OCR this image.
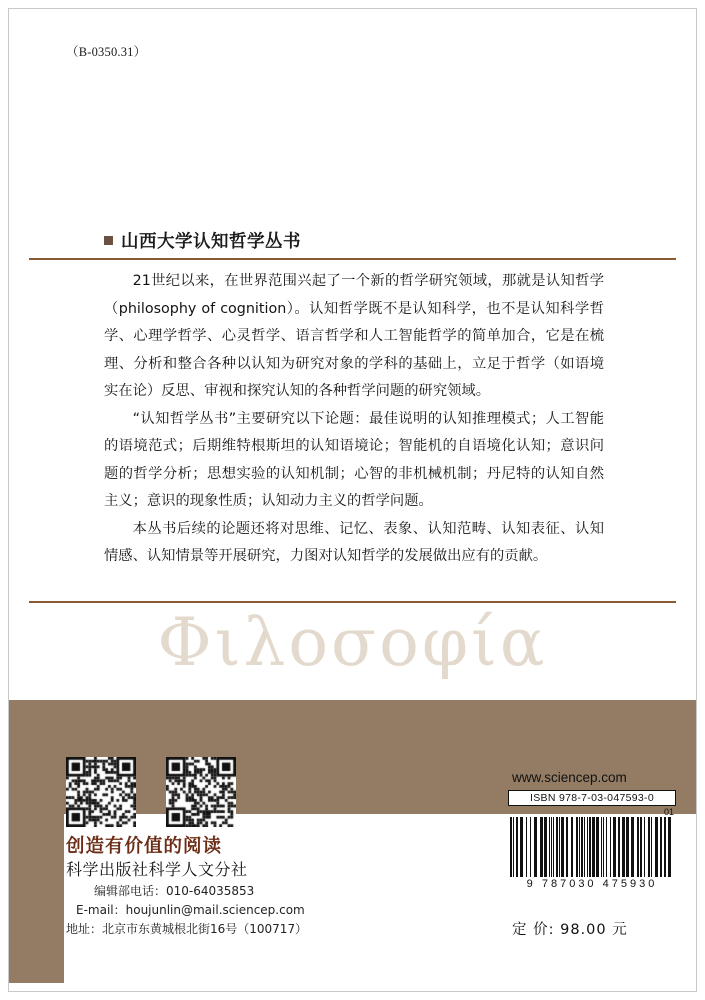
（B-0350.31）
山西大学认知哲学丛书

21世纪以来，在世界范围兴起了一个新的哲学研究领域，那就是认知哲学（philosophy of cognition）。认知哲学既不是认知科学，也不是认知科学哲学、心理学哲学、心灵哲学、语言哲学和人工智能哲学的简单加合，它是在梳理、分析和整合各种以认知为研究对象的学科的基础上，立足于哲学（如语境实在论）反思、审视和探究认知的各种哲学问题的研究领域。

“认知哲学丛书”主要研究以下论题：最佳说明的认知推理模式；人工智能的语境范式；后期维特根斯坦的认知语境论；智能机的自语境化认知；意识问题的哲学分析；思想实验的认知机制；心智的非机械机制；丹尼特的认知自然主义；意识的现象性质；认知动力主义的哲学问题。

本丛书后续的论题还将对思维、记忆、表象、认知范畴、认知表征、认知情感、认知情景等开展研究，力图对认知哲学的发展做出应有的贡献。

Φιλοσοφία
创造有价值的阅读
科学出版社科学人文分社
编辑部电话：010-64035853
E-mail：houjunlin@mail.sciencep.com
地址：北京市东黄城根北街16号（100717）
www.sciencep.com
ISBN 978-7-03-047593-0
01
9 787030 475930
定 价: 98.00 元
